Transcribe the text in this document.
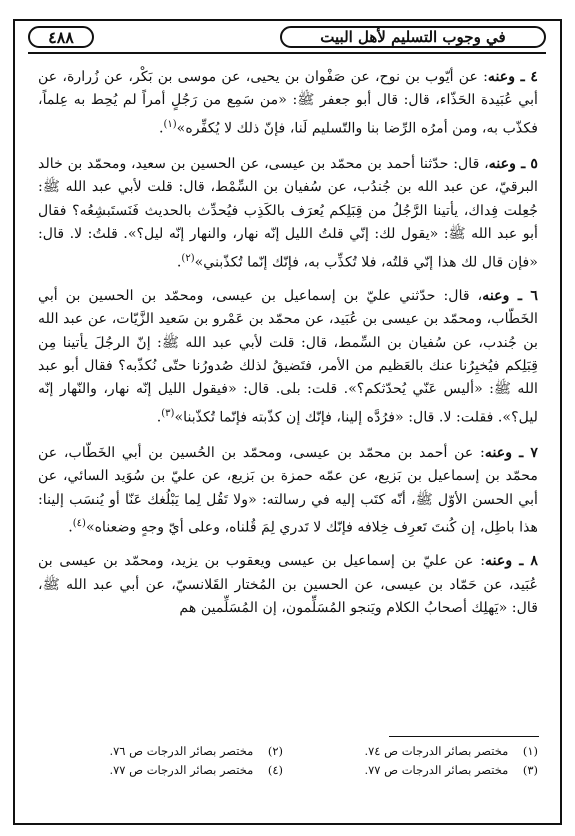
في وجوب التسليم لأهل البيت
٤٨٨

٤ ـ وعنه: عن أيّوب بن نوح، عن صَفْوان بن يحيى، عن موسى بن بَكْر، عن زُرارة، عن أبي عُبَيدة الحَذّاء، قال: قال أبو جعفر ﷺ: «من سَمِع من رَجُلٍ أمراً لم يُحِط به عِلماً، فكذّب به، ومن أمرُه الرِّضا بنا والتّسليم لَنا، فإنّ ذلك لا يُكفِّره»$^{(١)}$.

٥ ـ وعنه، قال: حدّثنا أحمد بن محمّد بن عيسى، عن الحسين بن سعيد، ومحمّد بن خالد البرقيّ، عن عبد الله بن جُندُب، عن سُفيان بن السِّمْط، قال: قلت لأبي عبد الله ﷺ: جُعِلت فِداك، يأتينا الرَّجُلُ من قِبَلِكم يُعرَف بالكَذِب فيُحدِّث بالحديث فَنَستَبشِعُه؟ فقال أبو عبد الله ﷺ: «يقول لك: إنّي قلتُ الليل إنّه نهار، والنهار إنّه ليل؟». قلتُ: لا. قال: «فإن قال لك هذا إنّي قلتُه، فلا تُكذِّب به، فإنّك إنّما تُكذّبني»$^{(٢)}$.

٦ ـ وعنه، قال: حدّثني عليّ بن إسماعيل بن عيسى، ومحمّد بن الحسين بن أبي الخَطّاب، ومحمّد بن عيسى بن عُبَيد، عن محمّد بن عَمْرو بن سَعيد الزَّيّات، عن عبد الله بن جُندب، عن سُفيان بن السِّمط، قال: قلت لأبي عبد الله ﷺ: إنّ الرجُلَ يأتينا مِن قِبَلِكم فيُخبِرُنا عنك بالعَظيم من الأمر، فتَضيقُ لذلك صُدورُنا حتّى نُكذّبه؟ فقال أبو عبد الله ﷺ: «أليس عَنّي يُحدّثكم؟». قلت: بلى. قال: «فيقول الليل إنّه نهار، والنّهار إنّه ليل؟». فقلت: لا. قال: «فرُدَّه إلينا، فإنّك إن كذّبته فإنّما تُكذّبنا»$^{(٣)}$.

٧ ـ وعنه: عن أحمد بن محمّد بن عيسى، ومحمّد بن الحُسين بن أبي الخَطّاب، عن محمّد بن إسماعيل بن بَزيع، عن عمّه حمزة بن بَزيع، عن عليّ بن سُوَيد السائي، عن أبي الحسن الأوّل ﷺ، أنّه كتَب إليه في رسالته: «ولا تَقُل لِما يَبْلُغك عَنّا أو يُنسَب إلينا: هذا باطِل، إن كُنتَ تَعرِف خِلافه فإنّك لا تَدري لِمَ قُلناه، وعلى أيّ وجهٍ وضعناه»$^{(٤)}$.

٨ ـ وعنه: عن عليّ بن إسماعيل بن عيسى ويعقوب بن يزيد، ومحمّد بن عيسى بن عُبَيد، عن حَمّاد بن عيسى، عن الحسين بن المُختار القَلانسيّ، عن أبي عبد الله ﷺ، قال: «يَهلِك أصحابُ الكلام ويَنجو المُسَلِّمون، إن المُسَلِّمين هم

(١) مختصر بصائر الدرجات ص ٧٤.
(٢) مختصر بصائر الدرجات ص ٧٦.
(٣) مختصر بصائر الدرجات ص ٧٧.
(٤) مختصر بصائر الدرجات ص ٧٧.
